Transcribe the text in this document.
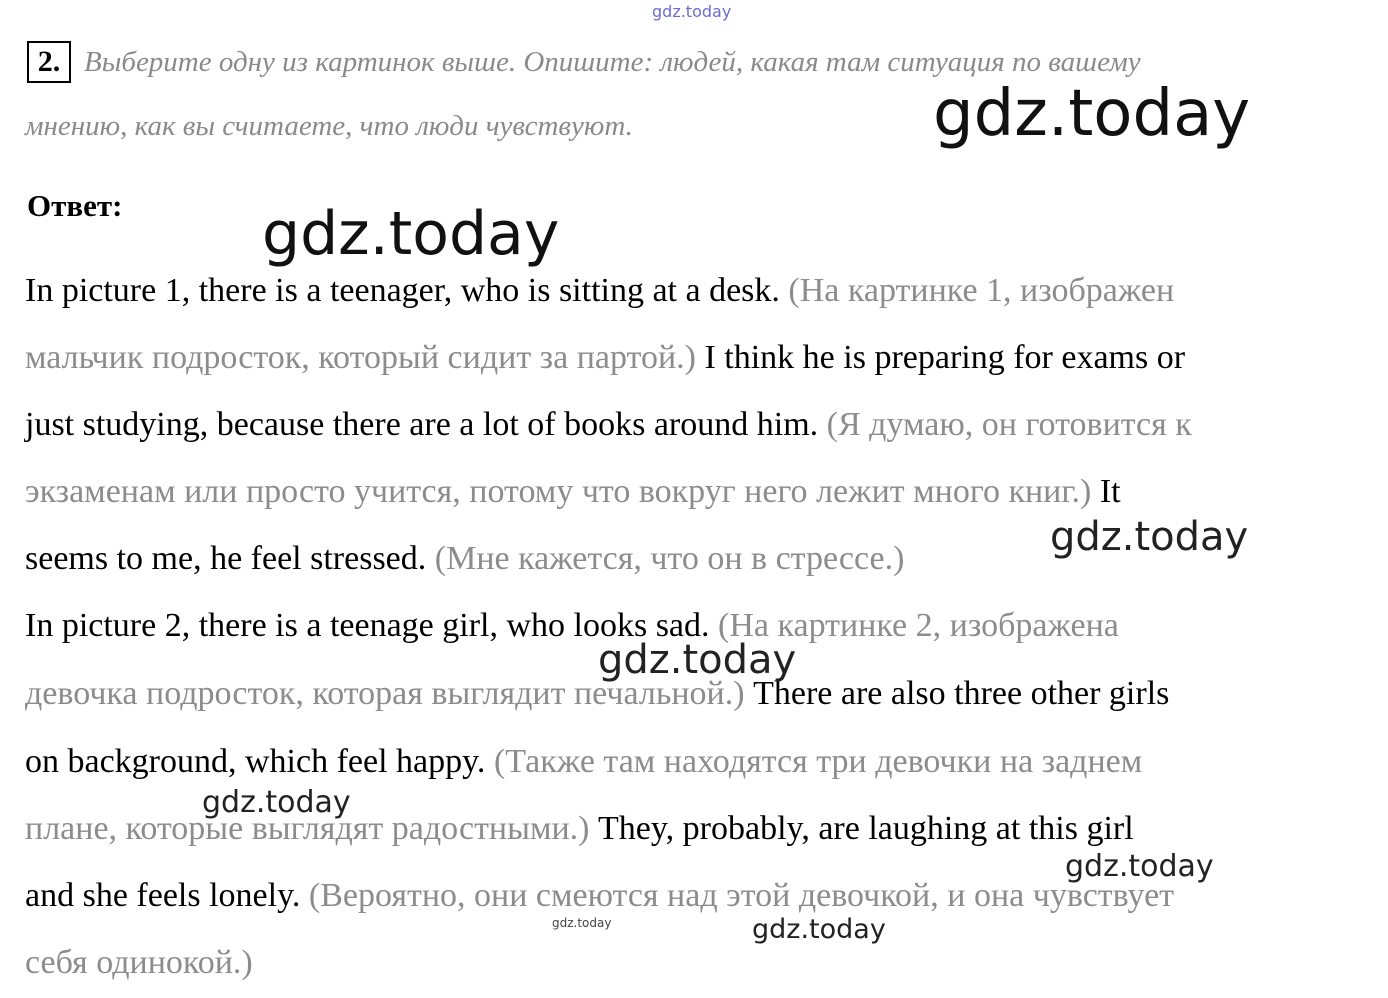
gdz.today
2. Выберите одну из картинок выше. Опишите: людей, какая там ситуация по вашему
мнению, как вы считаете, что люди чувствуют.
Ответ:
In picture 1, there is a teenager, who is sitting at a desk. (На картинке 1, изображен
мальчик подросток, который сидит за партой.) I think he is preparing for exams or
just studying, because there are a lot of books around him. (Я думаю, он готовится к
экзаменам или просто учится, потому что вокруг него лежит много книг.) It
seems to me, he feel stressed. (Мне кажется, что он в стрессе.)
In picture 2, there is a teenage girl, who looks sad. (На картинке 2, изображена
девочка подросток, которая выглядит печальной.) There are also three other girls
on background, which feel happy. (Также там находятся три девочки на заднем
плане, которые выглядят радостными.) They, probably, are laughing at this girl
and she feels lonely. (Вероятно, они смеются над этой девочкой, и она чувствует
себя одинокой.)
gdz.today
gdz.today
gdz.today
gdz.today
gdz.today
gdz.today
gdz.today
gdz.today
